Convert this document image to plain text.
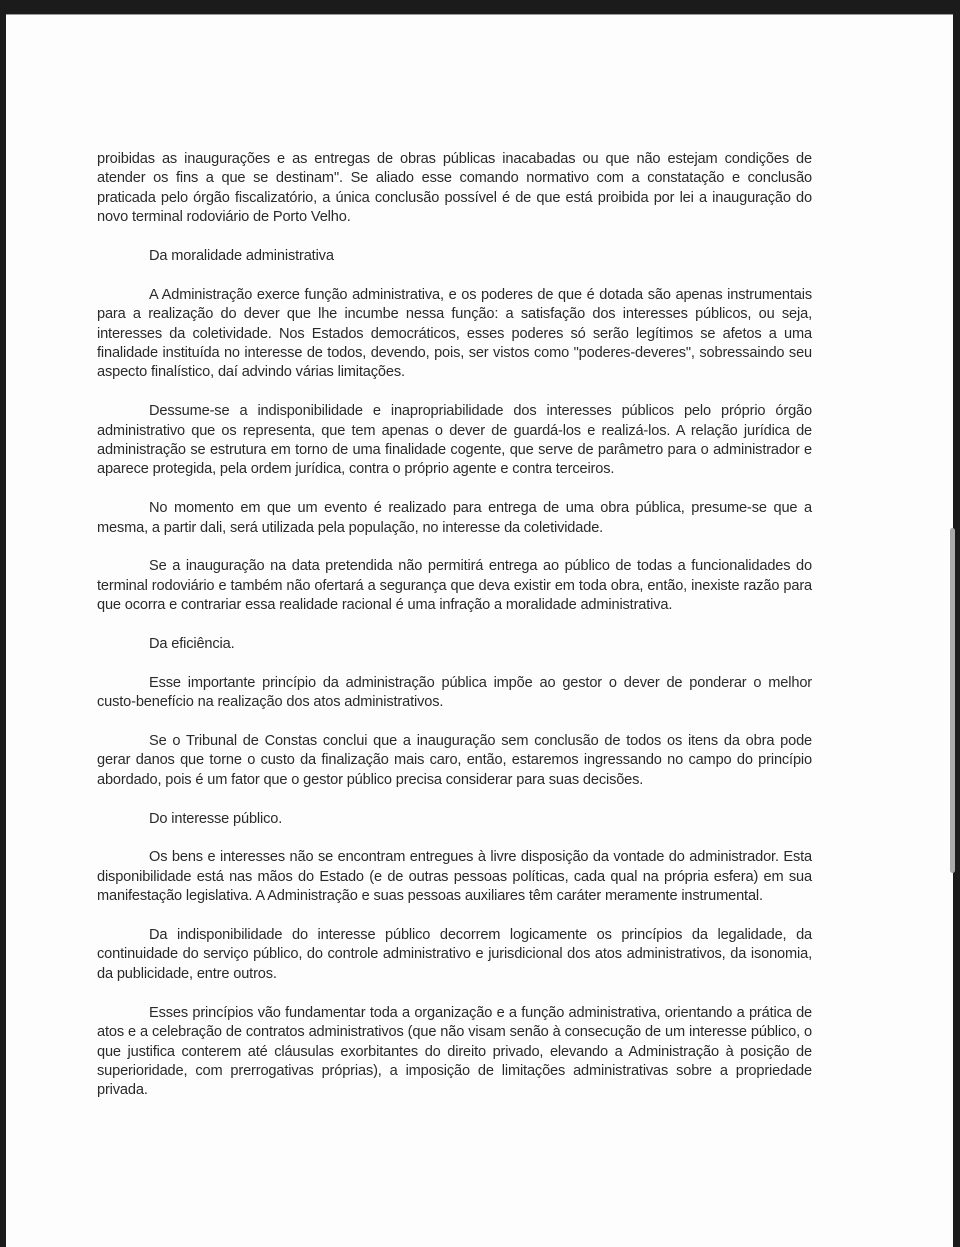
proibidas as inaugurações e as entregas de obras públicas inacabadas ou que não estejam condições de atender os fins a que se destinam". Se aliado esse comando normativo com a constatação e conclusão praticada pelo órgão fiscalizatório, a única conclusão possível é de que está proibida por lei a inauguração do novo terminal rodoviário de Porto Velho.

Da moralidade administrativa

A Administração exerce função administrativa, e os poderes de que é dotada são apenas instrumentais para a realização do dever que lhe incumbe nessa função: a satisfação dos interesses públicos, ou seja, interesses da coletividade. Nos Estados democráticos, esses poderes só serão legítimos se afetos a uma finalidade instituída no interesse de todos, devendo, pois, ser vistos como "poderes-deveres", sobressaindo seu aspecto finalístico, daí advindo várias limitações.

Dessume-se a indisponibilidade e inapropriabilidade dos interesses públicos pelo próprio órgão administrativo que os representa, que tem apenas o dever de guardá-los e realizá-los. A relação jurídica de administração se estrutura em torno de uma finalidade cogente, que serve de parâmetro para o administrador e aparece protegida, pela ordem jurídica, contra o próprio agente e contra terceiros.

No momento em que um evento é realizado para entrega de uma obra pública, presume-se que a mesma, a partir dali, será utilizada pela população, no interesse da coletividade.

Se a inauguração na data pretendida não permitirá entrega ao público de todas a funcionalidades do terminal rodoviário e também não ofertará a segurança que deva existir em toda obra, então, inexiste razão para que ocorra e contrariar essa realidade racional é uma infração a moralidade administrativa.

Da eficiência.

Esse importante princípio da administração pública impõe ao gestor o dever de ponderar o melhor custo-benefício na realização dos atos administrativos.

Se o Tribunal de Constas conclui que a inauguração sem conclusão de todos os itens da obra pode gerar danos que torne o custo da finalização mais caro, então, estaremos ingressando no campo do princípio abordado, pois é um fator que o gestor público precisa considerar para suas decisões.

Do interesse público.

Os bens e interesses não se encontram entregues à livre disposição da vontade do administrador. Esta disponibilidade está nas mãos do Estado (e de outras pessoas políticas, cada qual na própria esfera) em sua manifestação legislativa. A Administração e suas pessoas auxiliares têm caráter meramente instrumental.

Da indisponibilidade do interesse público decorrem logicamente os princípios da legalidade, da continuidade do serviço público, do controle administrativo e jurisdicional dos atos administrativos, da isonomia, da publicidade, entre outros.

Esses princípios vão fundamentar toda a organização e a função administrativa, orientando a prática de atos e a celebração de contratos administrativos (que não visam senão à consecução de um interesse público, o que justifica conterem até cláusulas exorbitantes do direito privado, elevando a Administração à posição de superioridade, com prerrogativas próprias), a imposição de limitações administrativas sobre a propriedade privada.
